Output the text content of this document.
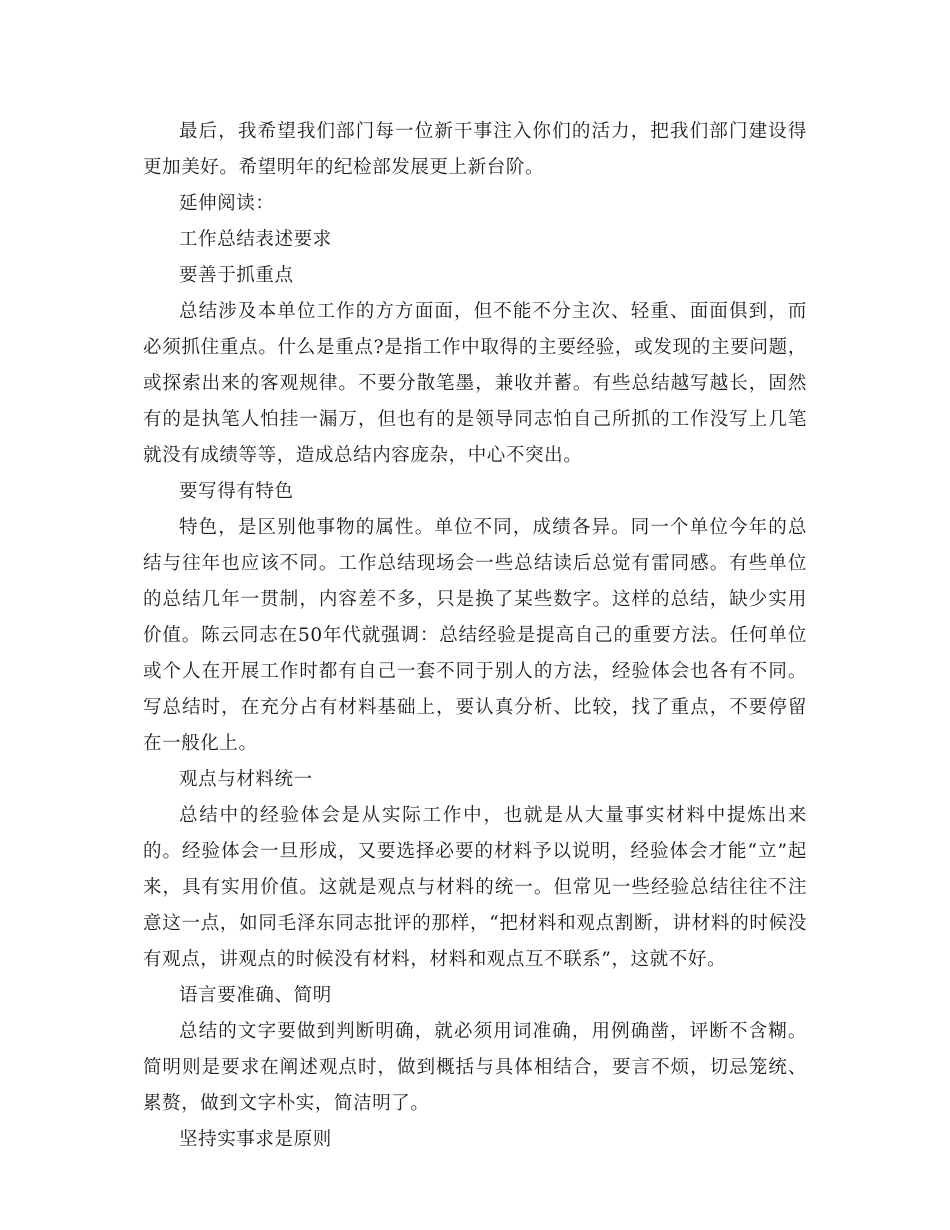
最后，我希望我们部门每一位新干事注入你们的活力，把我们部门建设得更加美好。希望明年的纪检部发展更上新台阶。

延伸阅读：

工作总结表述要求

要善于抓重点

总结涉及本单位工作的方方面面，但不能不分主次、轻重、面面俱到，而必须抓住重点。什么是重点?是指工作中取得的主要经验，或发现的主要问题，或探索出来的客观规律。不要分散笔墨，兼收并蓄。有些总结越写越长，固然有的是执笔人怕挂一漏万，但也有的是领导同志怕自己所抓的工作没写上几笔就没有成绩等等，造成总结内容庞杂，中心不突出。

要写得有特色

特色，是区别他事物的属性。单位不同，成绩各异。同一个单位今年的总结与往年也应该不同。工作总结现场会一些总结读后总觉有雷同感。有些单位的总结几年一贯制，内容差不多，只是换了某些数字。这样的总结，缺少实用价值。陈云同志在50年代就强调：总结经验是提高自己的重要方法。任何单位或个人在开展工作时都有自己一套不同于别人的方法，经验体会也各有不同。写总结时，在充分占有材料基础上，要认真分析、比较，找了重点，不要停留在一般化上。

观点与材料统一

总结中的经验体会是从实际工作中，也就是从大量事实材料中提炼出来的。经验体会一旦形成，又要选择必要的材料予以说明，经验体会才能“立”起来，具有实用价值。这就是观点与材料的统一。但常见一些经验总结往往不注意这一点，如同毛泽东同志批评的那样，“把材料和观点割断，讲材料的时候没有观点，讲观点的时候没有材料，材料和观点互不联系”，这就不好。

语言要准确、简明

总结的文字要做到判断明确，就必须用词准确，用例确凿，评断不含糊。简明则是要求在阐述观点时，做到概括与具体相结合，要言不烦，切忌笼统、累赘，做到文字朴实，简洁明了。

坚持实事求是原则
